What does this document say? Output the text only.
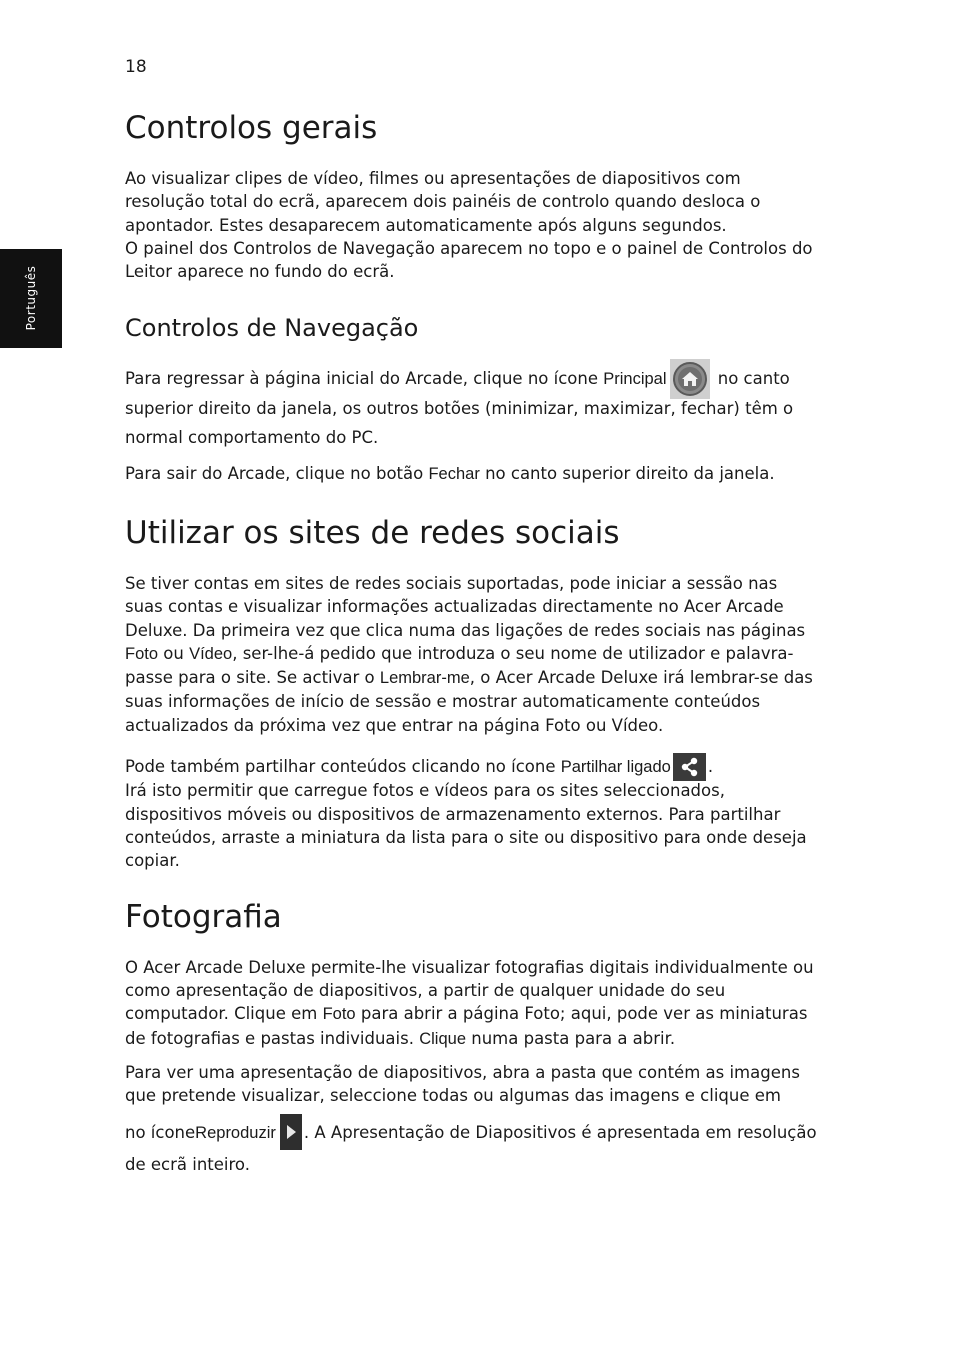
18
Português
Controlos gerais

Ao visualizar clipes de vídeo, filmes ou apresentações de diapositivos com resolução total do ecrã, aparecem dois painéis de controlo quando desloca o apontador. Estes desaparecem automaticamente após alguns segundos.

O painel dos Controlos de Navegação aparecem no topo e o painel de Controlos do Leitor aparece no fundo do ecrã.

Controlos de Navegação

Para regressar à página inicial do Arcade, clique no ícone Principal	no canto superior direito da janela, os outros botões (minimizar, maximizar, fechar) têm o normal comportamento do PC.

Para sair do Arcade, clique no botão Fechar no canto superior direito da janela.

Utilizar os sites de redes sociais

Se tiver contas em sites de redes sociais suportadas, pode iniciar a sessão nas suas contas e visualizar informações actualizadas directamente no Acer Arcade Deluxe. Da primeira vez que clica numa das ligações de redes sociais nas páginas Foto ou Vídeo, ser-lhe-á pedido que introduza o seu nome de utilizador e palavra-passe para o site. Se activar o Lembrar-me, o Acer Arcade Deluxe irá lembrar-se das suas informações de início de sessão e mostrar automaticamente conteúdos actualizados da próxima vez que entrar na página Foto ou Vídeo.

Pode também partilhar conteúdos clicando no ícone Partilhar ligado .
Irá isto permitir que carregue fotos e vídeos para os sites seleccionados, dispositivos móveis ou dispositivos de armazenamento externos. Para partilhar conteúdos, arraste a miniatura da lista para o site ou dispositivo para onde deseja copiar.

Fotografia

O Acer Arcade Deluxe permite-lhe visualizar fotografias digitais individualmente ou como apresentação de diapositivos, a partir de qualquer unidade do seu computador. Clique em Foto para abrir a página Foto; aqui, pode ver as miniaturas de fotografias e pastas individuais. Clique numa pasta para a abrir.

Para ver uma apresentação de diapositivos, abra a pasta que contém as imagens que pretende visualizar, seleccione todas ou algumas das imagens e clique em

no íconeReproduzir . A Apresentação de Diapositivos é apresentada em resolução de ecrã inteiro.
